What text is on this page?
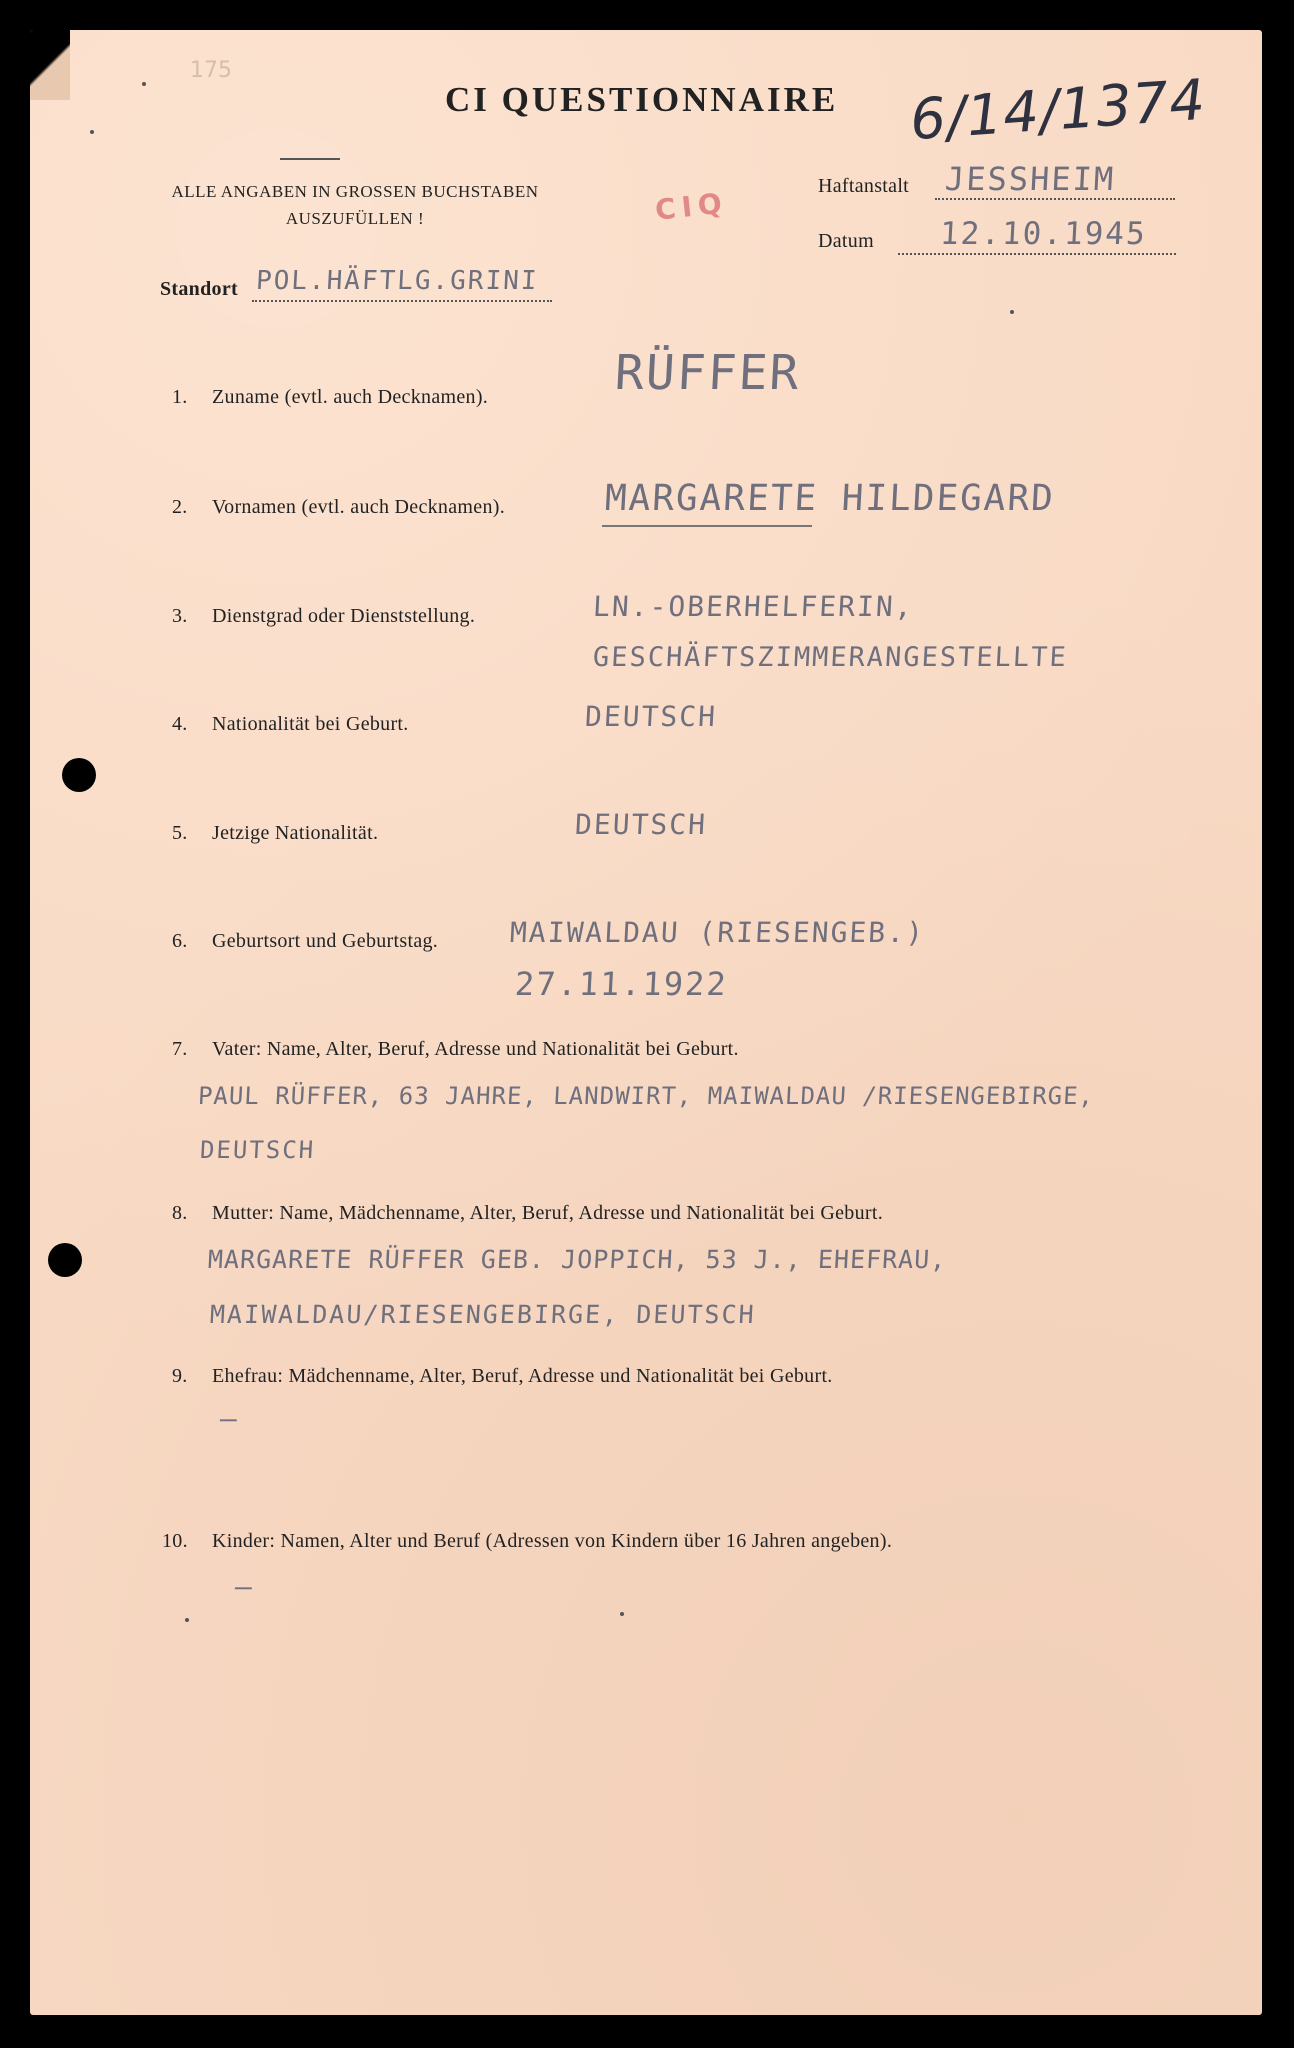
175
CI QUESTIONNAIRE 6/14/1374
ALLE ANGABEN IN GROSSEN BUCHSTABEN
AUSZUFÜLLEN !	CIQ
Haftanstalt JESSHEIM
Datum 12.10.1945
Standort POL.HÄFTLG.GRINI
1. Zuname (evtl. auch Decknamen).	RÜFFER
2. Vornamen (evtl. auch Decknamen).	MARGARETE HILDEGARD
3. Dienstgrad oder Dienststellung.	LN.-OBERHELFERIN,
GESCHÄFTSZIMMERANGESTELLTE
4. Nationalität bei Geburt.	DEUTSCH
5. Jetzige Nationalität.	DEUTSCH
6. Geburtsort und Geburtstag.	MAIWALDAU (RIESENGEB.)
27.11.1922
7. Vater: Name, Alter, Beruf, Adresse und Nationalität bei Geburt.
PAUL RÜFFER, 63 JAHRE, LANDWIRT, MAIWALDAU /RIESENGEBIRGE,
DEUTSCH
8. Mutter: Name, Mädchenname, Alter, Beruf, Adresse und Nationalität bei Geburt.
MARGARETE RÜFFER GEB. JOPPICH, 53 J., EHEFRAU,
MAIWALDAU/RIESENGEBIRGE, DEUTSCH
9. Ehefrau: Mädchenname, Alter, Beruf, Adresse und Nationalität bei Geburt.
–
10. Kinder: Namen, Alter und Beruf (Adressen von Kindern über 16 Jahren angeben).
–
